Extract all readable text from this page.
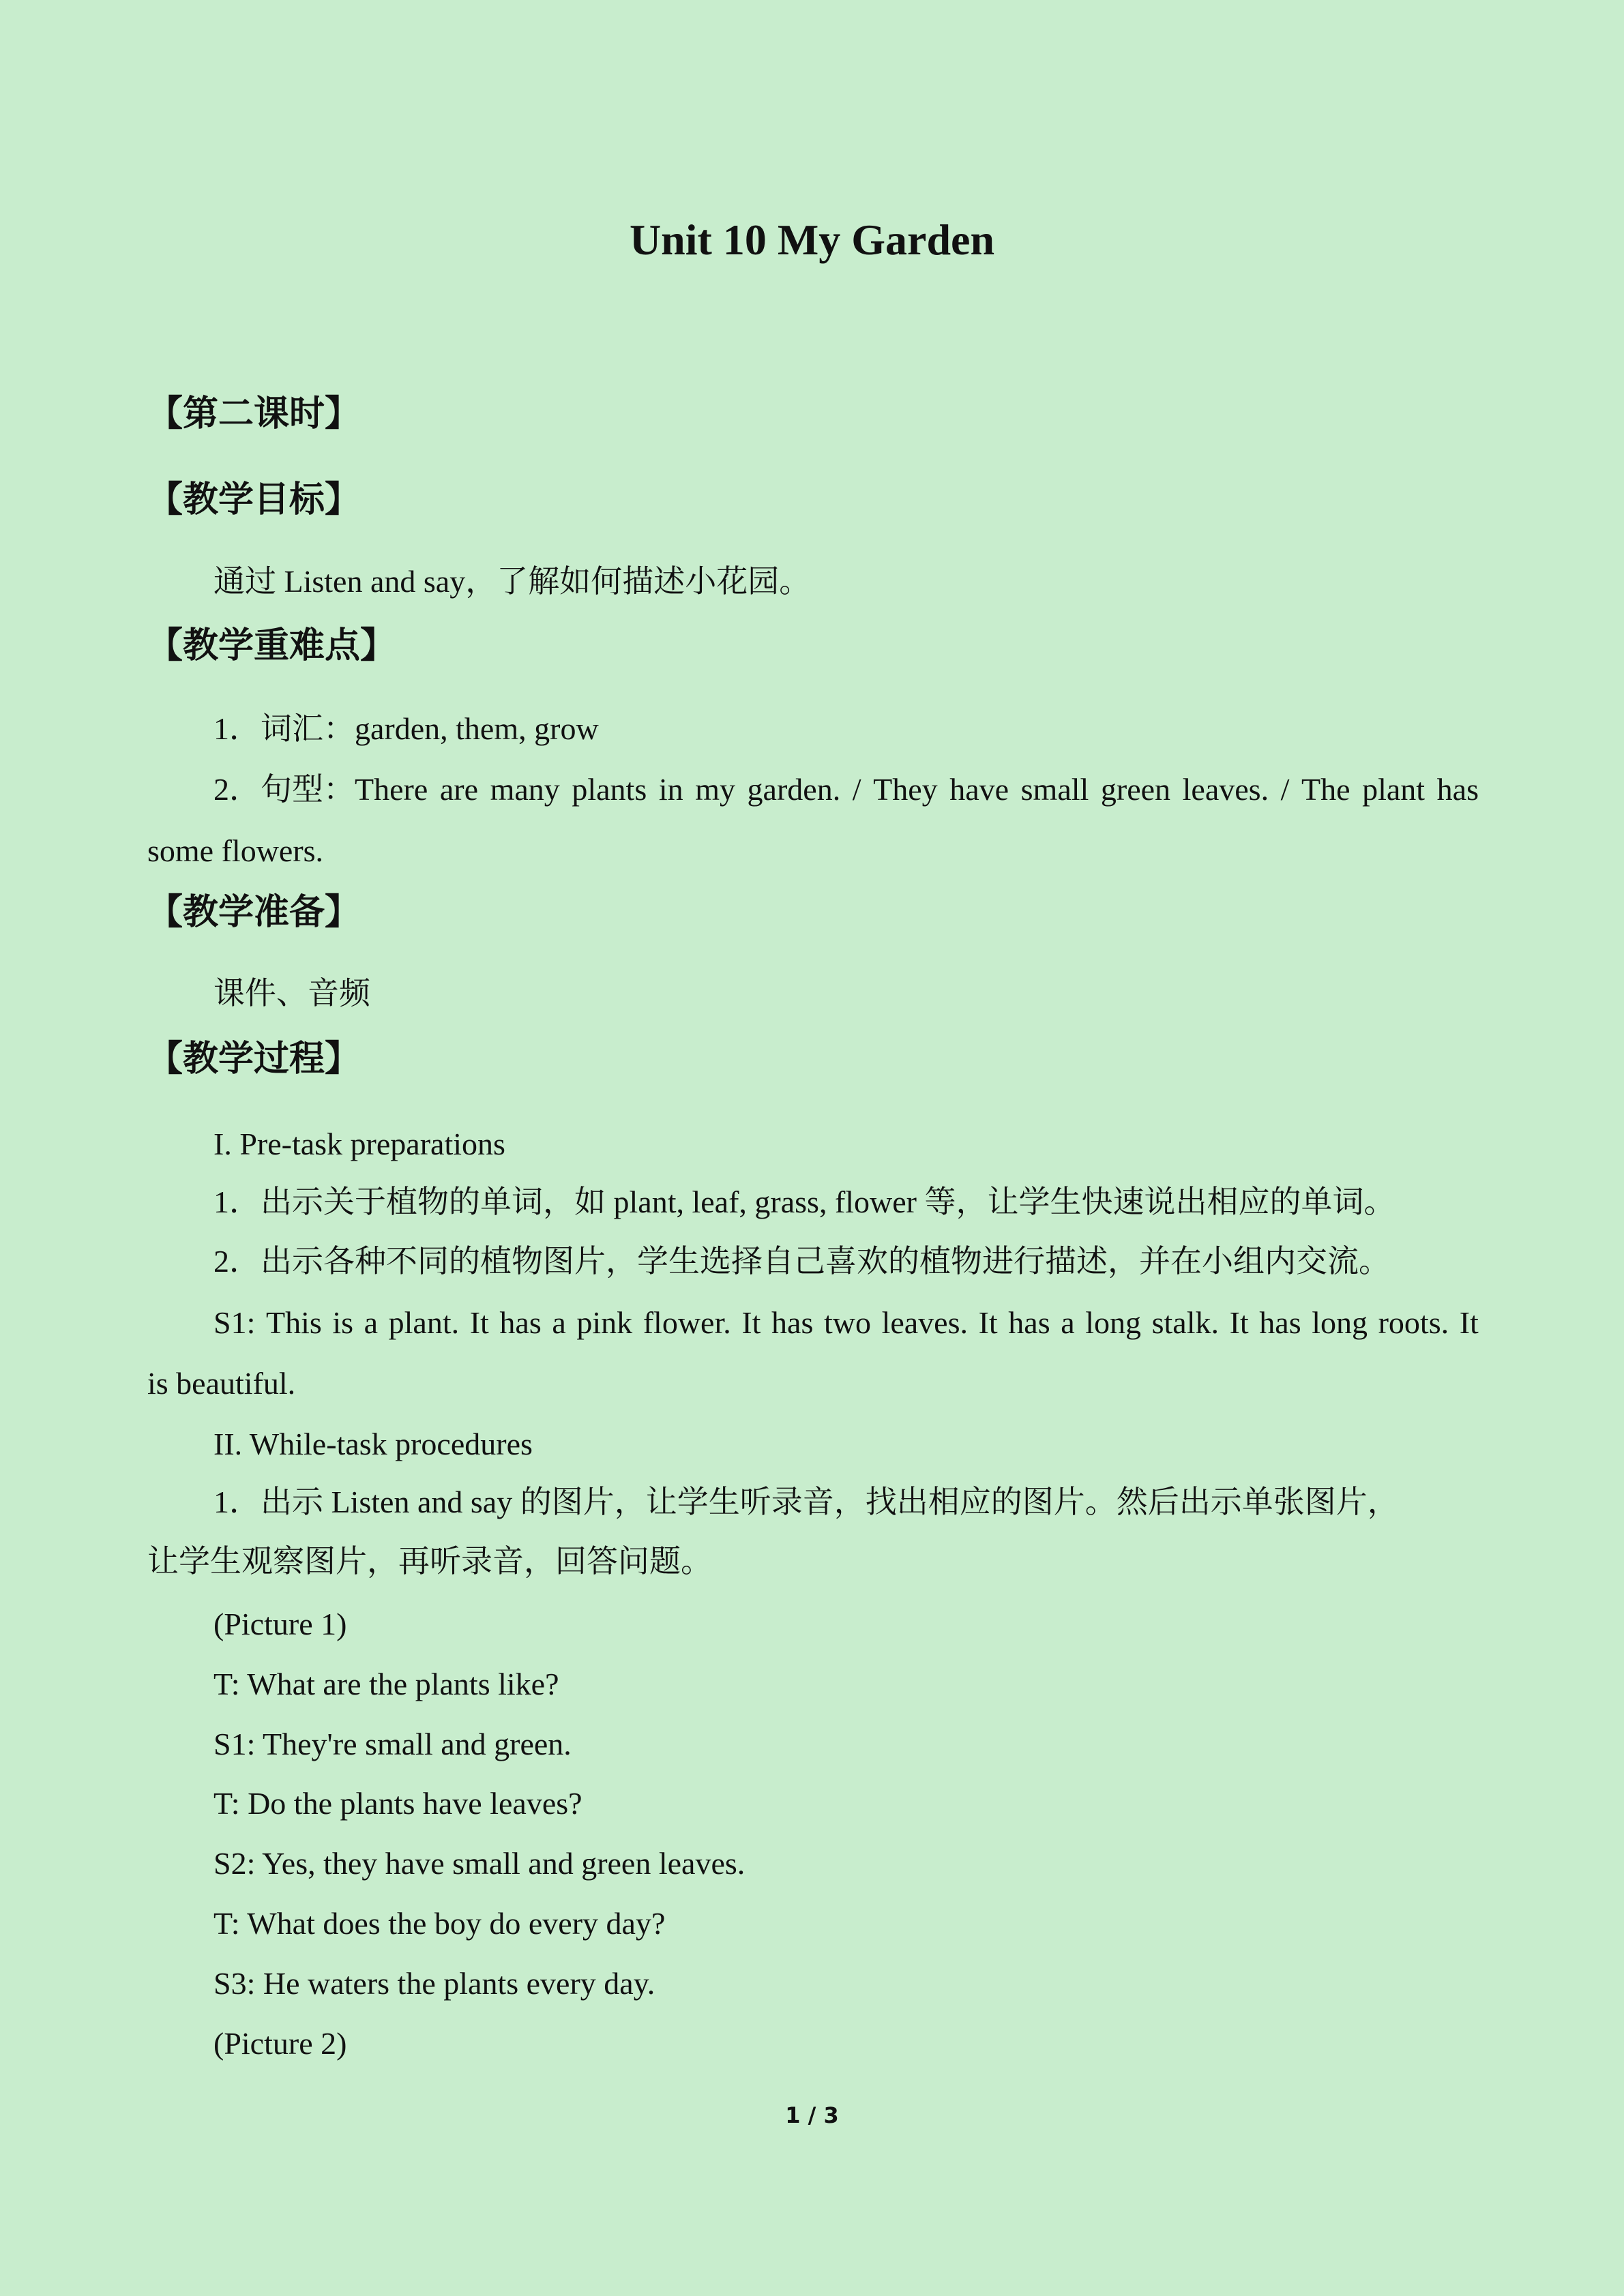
Unit 10 My Garden
【第二课时】
【教学目标】
通过 Listen and say，了解如何描述小花园。
【教学重难点】
1．词汇：garden, them, grow
2．句型：There are many plants in my garden. / They have small green leaves. / The plant has
some flowers.
【教学准备】
课件、音频
【教学过程】
I. Pre-task preparations
1．出示关于植物的单词，如 plant, leaf, grass, flower 等，让学生快速说出相应的单词。
2．出示各种不同的植物图片，学生选择自己喜欢的植物进行描述，并在小组内交流。
S1: This is a plant. It has a pink flower. It has two leaves. It has a long stalk. It has long roots. It
is beautiful.
II. While-task procedures
1．出示 Listen and say 的图片，让学生听录音，找出相应的图片。然后出示单张图片，
让学生观察图片，再听录音，回答问题。
(Picture 1)
T: What are the plants like?
S1: They're small and green.
T: Do the plants have leaves?
S2: Yes, they have small and green leaves.
T: What does the boy do every day?
S3: He waters the plants every day.
(Picture 2)
1 / 3
